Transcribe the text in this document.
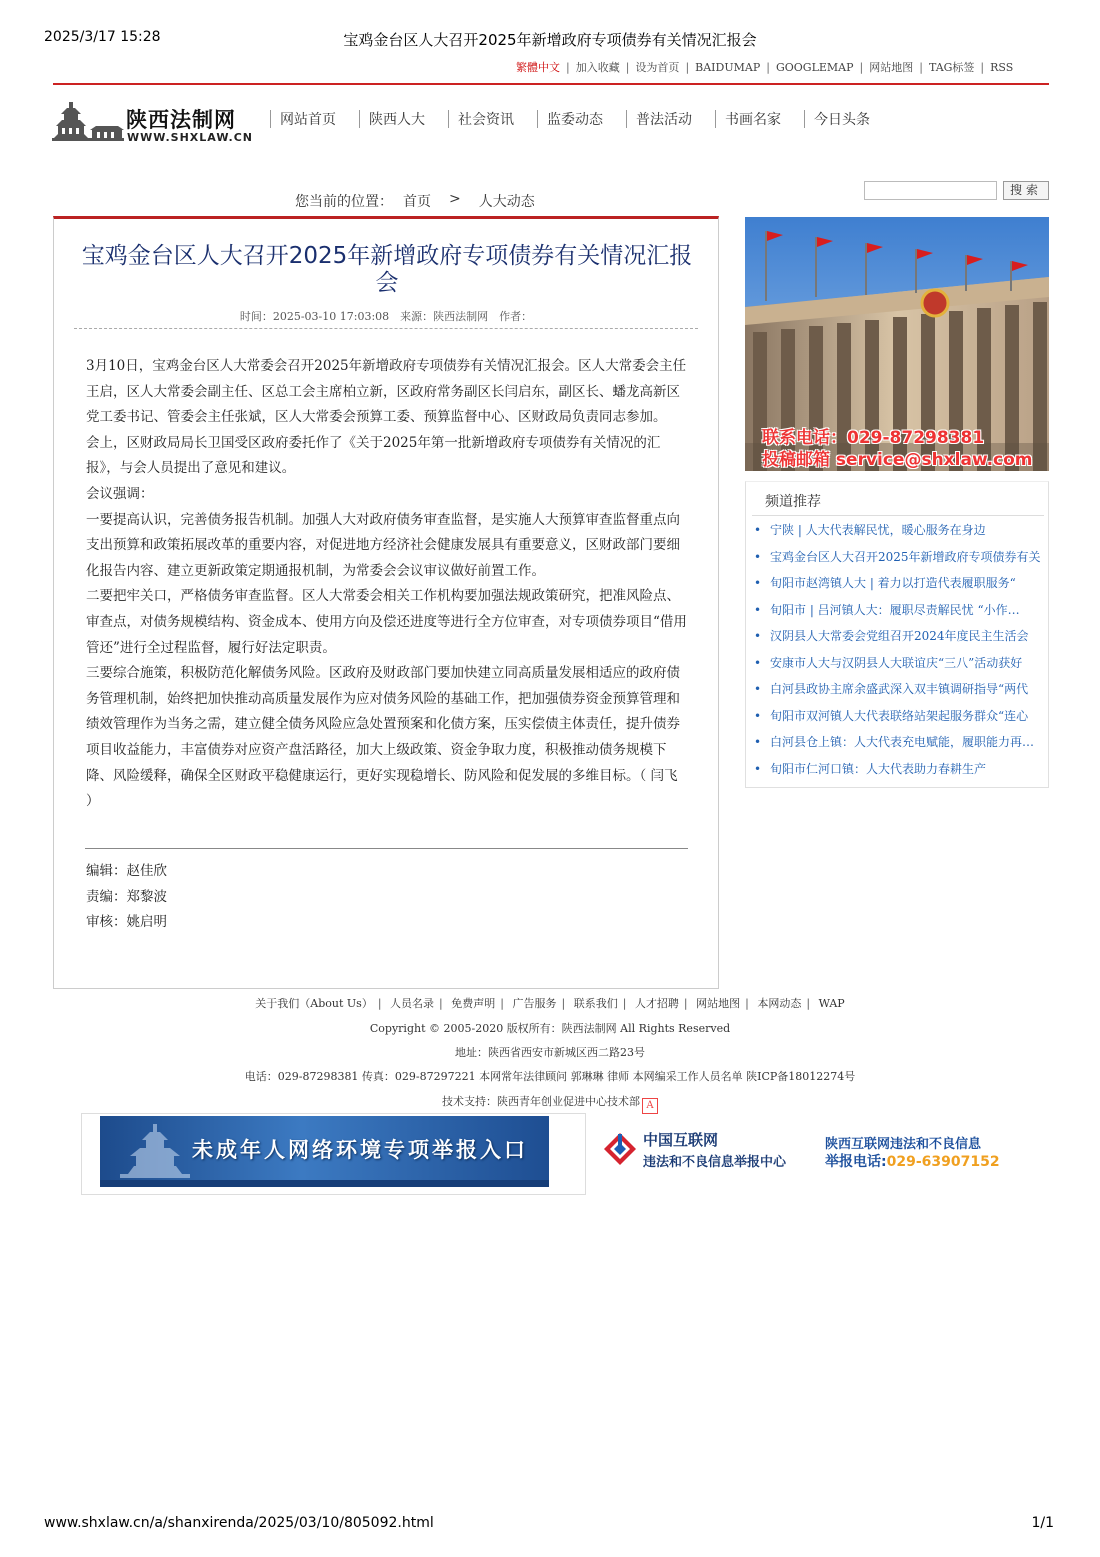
2025/3/17 15:28	宝鸡金台区人大召开2025年新增政府专项债券有关情况汇报会
繁體中文 | 加入收藏 | 设为首页 | BAIDUMAP | GOOGLEMAP | 网站地图 | TAG标签 | RSS
陕西法制网
WWW.SHXLAW.CN
网站首页	陕西人大	社会资讯	监委动态	普法活动	书画名家	今日头条
您当前的位置： 首页	>	人大动态
搜索
宝鸡金台区人大召开2025年新增政府专项债券有关情况汇报会
时间：2025-03-10 17:03:08　来源：陕西法制网　作者：

3月10日，宝鸡金台区人大常委会召开2025年新增政府专项债券有关情况汇报会。区人大常委会主任王启，区人大常委会副主任、区总工会主席柏立新，区政府常务副区长闫启东，副区长、蟠龙高新区党工委书记、管委会主任张斌，区人大常委会预算工委、预算监督中心、区财政局负责同志参加。

会上，区财政局局长卫国受区政府委托作了《关于2025年第一批新增政府专项债券有关情况的汇报》，与会人员提出了意见和建议。

会议强调：

一要提高认识，完善债务报告机制。加强人大对政府债务审查监督，是实施人大预算审查监督重点向支出预算和政策拓展改革的重要内容，对促进地方经济社会健康发展具有重要意义，区财政部门要细化报告内容、建立更新政策定期通报机制，为常委会会议审议做好前置工作。

二要把牢关口，严格债务审查监督。区人大常委会相关工作机构要加强法规政策研究，把准风险点、审查点，对债务规模结构、资金成本、使用方向及偿还进度等进行全方位审查，对专项债券项目“借用管还”进行全过程监督，履行好法定职责。

三要综合施策，积极防范化解债务风险。区政府及财政部门要加快建立同高质量发展相适应的政府债务管理机制，始终把加快推动高质量发展作为应对债务风险的基础工作，把加强债券资金预算管理和绩效管理作为当务之需，建立健全债务风险应急处置预案和化债方案，压实偿债主体责任，提升债券项目收益能力，丰富债券对应资产盘活路径，加大上级政策、资金争取力度，积极推动债务规模下降、风险缓释，确保全区财政平稳健康运行，更好实现稳增长、防风险和促发展的多维目标。（ 闫飞 ）

编辑：赵佳欣
责编：郑黎波
审核：姚启明
联系电话：029-87298381
投稿邮箱 service@shxlaw.com
频道推荐
• 宁陕 | 人大代表解民忧，暖心服务在身边
• 宝鸡金台区人大召开2025年新增政府专项债券有关
• 旬阳市赵湾镇人大 | 着力以打造代表履职服务“
• 旬阳市 | 吕河镇人大：履职尽责解民忧 “小作…
• 汉阴县人大常委会党组召开2024年度民主生活会
• 安康市人大与汉阴县人大联谊庆“三八”活动获好
• 白河县政协主席余盛武深入双丰镇调研指导“两代
• 旬阳市双河镇人大代表联络站架起服务群众“连心
• 白河县仓上镇：人大代表充电赋能，履职能力再…
• 旬阳市仁河口镇：人大代表助力春耕生产
关于我们（About Us） | 人员名录 | 免费声明 | 广告服务 | 联系我们 | 人才招聘 | 网站地图 | 本网动态 | WAP
Copyright © 2005-2020 版权所有：陕西法制网 All Rights Reserved
地址：陕西省西安市新城区西二路23号
电话：029-87298381 传真：029-87297221 本网常年法律顾问 郭琳琳 律师 本网编采工作人员名单 陕ICP备18012274号
技术支持：陕西青年创业促进中心技术部 A
未成年人网络环境专项举报入口	中国互联网
违法和不良信息举报中心
陕西互联网违法和不良信息
举报电话:029-63907152
www.shxlaw.cn/a/shanxirenda/2025/03/10/805092.html	1/1
